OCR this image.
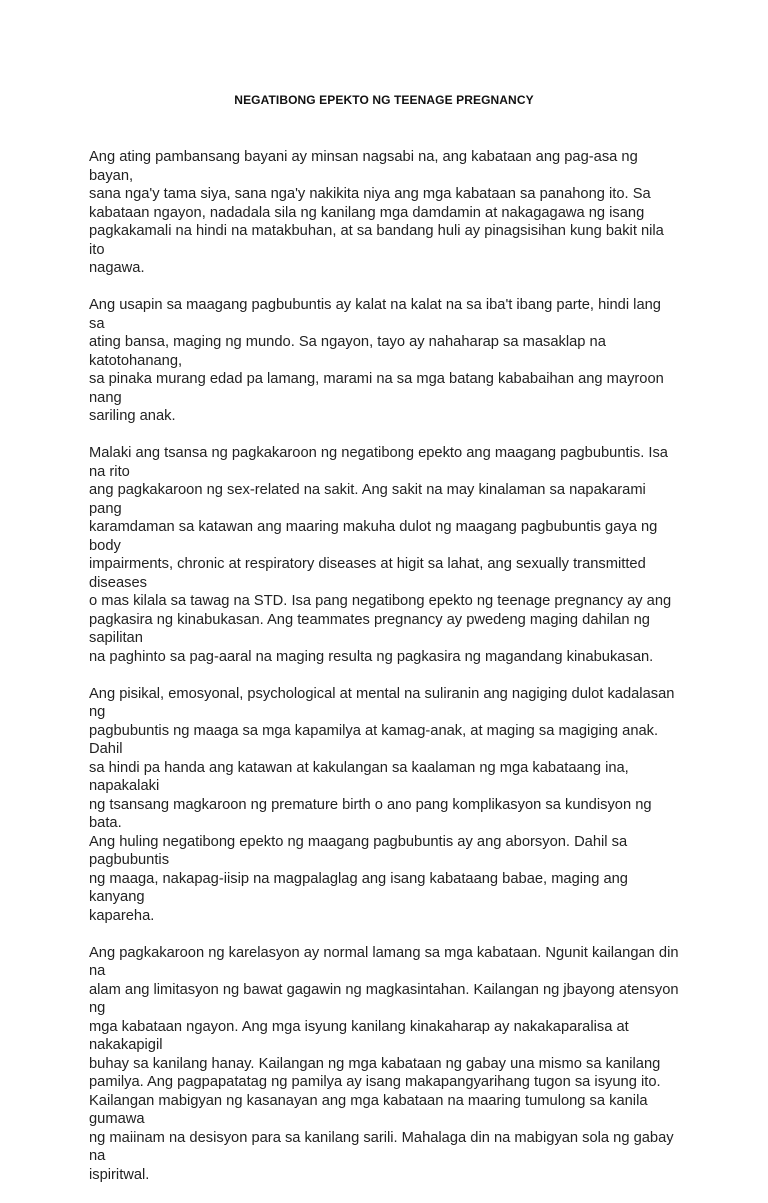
NEGATIBONG EPEKTO NG TEENAGE PREGNANCY

Ang ating pambansang bayani ay minsan nagsabi na, ang kabataan ang pag-asa ng bayan,
sana nga'y tama siya, sana nga'y nakikita niya ang mga kabataan sa panahong ito. Sa
kabataan ngayon, nadadala sila ng kanilang mga damdamin at nakagagawa ng isang
pagkakamali na hindi na matakbuhan, at sa bandang huli ay pinagsisihan kung bakit nila ito
nagawa.

Ang usapin sa maagang pagbubuntis ay kalat na kalat na sa iba't ibang parte, hindi lang sa
ating bansa, maging ng mundo. Sa ngayon, tayo ay nahaharap sa masaklap na katotohanang,
sa pinaka murang edad pa lamang, marami na sa mga batang kababaihan ang mayroon nang
sariling anak.

Malaki ang tsansa ng pagkakaroon ng negatibong epekto ang maagang pagbubuntis. Isa na rito
ang pagkakaroon ng sex-related na sakit. Ang sakit na may kinalaman sa napakarami pang
karamdaman sa katawan ang maaring makuha dulot ng maagang pagbubuntis gaya ng body
impairments, chronic at respiratory diseases at higit sa lahat, ang sexually transmitted diseases
o mas kilala sa tawag na STD. Isa pang negatibong epekto ng teenage pregnancy ay ang
pagkasira ng kinabukasan. Ang teammates pregnancy ay pwedeng maging dahilan ng sapilitan
na paghinto sa pag-aaral na maging resulta ng pagkasira ng magandang kinabukasan.

Ang pisikal, emosyonal, psychological at mental na suliranin ang nagiging dulot kadalasan ng
pagbubuntis ng maaga sa mga kapamilya at kamag-anak, at maging sa magiging anak. Dahil
sa hindi pa handa ang katawan at kakulangan sa kaalaman ng mga kabataang ina, napakalaki
ng tsansang magkaroon ng premature birth o ano pang komplikasyon sa kundisyon ng bata.
Ang huling negatibong epekto ng maagang pagbubuntis ay ang aborsyon. Dahil sa pagbubuntis
ng maaga, nakapag-iisip na magpalaglag ang isang kabataang babae, maging ang kanyang
kapareha.

Ang pagkakaroon ng karelasyon ay normal lamang sa mga kabataan. Ngunit kailangan din na
alam ang limitasyon ng bawat gagawin ng magkasintahan. Kailangan ng jbayong atensyon ng
mga kabataan ngayon. Ang mga isyung kanilang kinakaharap ay nakakaparalisa at nakakapigil
buhay sa kanilang hanay. Kailangan ng mga kabataan ng gabay una mismo sa kanilang
pamilya. Ang pagpapatatag ng pamilya ay isang makapangyarihang tugon sa isyung ito.
Kailangan mabigyan ng kasanayan ang mga kabataan na maaring tumulong sa kanila gumawa
ng maiinam na desisyon para sa kanilang sarili. Mahalaga din na mabigyan sola ng gabay na
ispiritwal.
